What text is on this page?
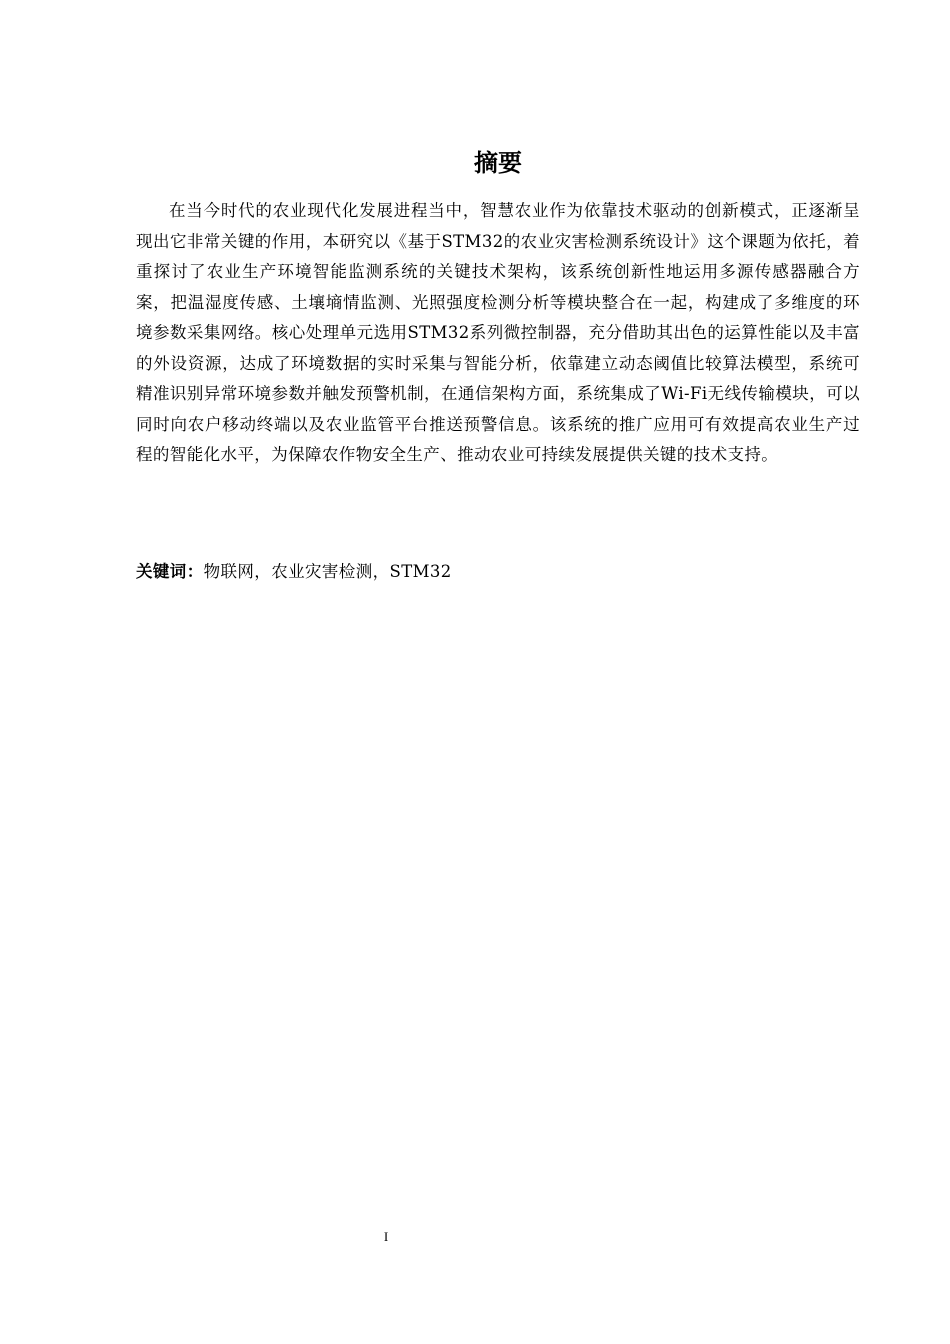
摘要

在当今时代的农业现代化发展进程当中，智慧农业作为依靠技术驱动的创新模式，正逐渐呈现出它非常关键的作用，本研究以《基于STM32的农业灾害检测系统设计》这个课题为依托，着重探讨了农业生产环境智能监测系统的关键技术架构，该系统创新性地运用多源传感器融合方案，把温湿度传感、土壤墒情监测、光照强度检测分析等模块整合在一起，构建成了多维度的环境参数采集网络。核心处理单元选用STM32系列微控制器，充分借助其出色的运算性能以及丰富的外设资源，达成了环境数据的实时采集与智能分析，依靠建立动态阈值比较算法模型，系统可精准识别异常环境参数并触发预警机制，在通信架构方面，系统集成了Wi-Fi无线传输模块，可以同时向农户移动终端以及农业监管平台推送预警信息。该系统的推广应用可有效提高农业生产过程的智能化水平，为保障农作物安全生产、推动农业可持续发展提供关键的技术支持。

关键词：物联网，农业灾害检测，STM32

I
